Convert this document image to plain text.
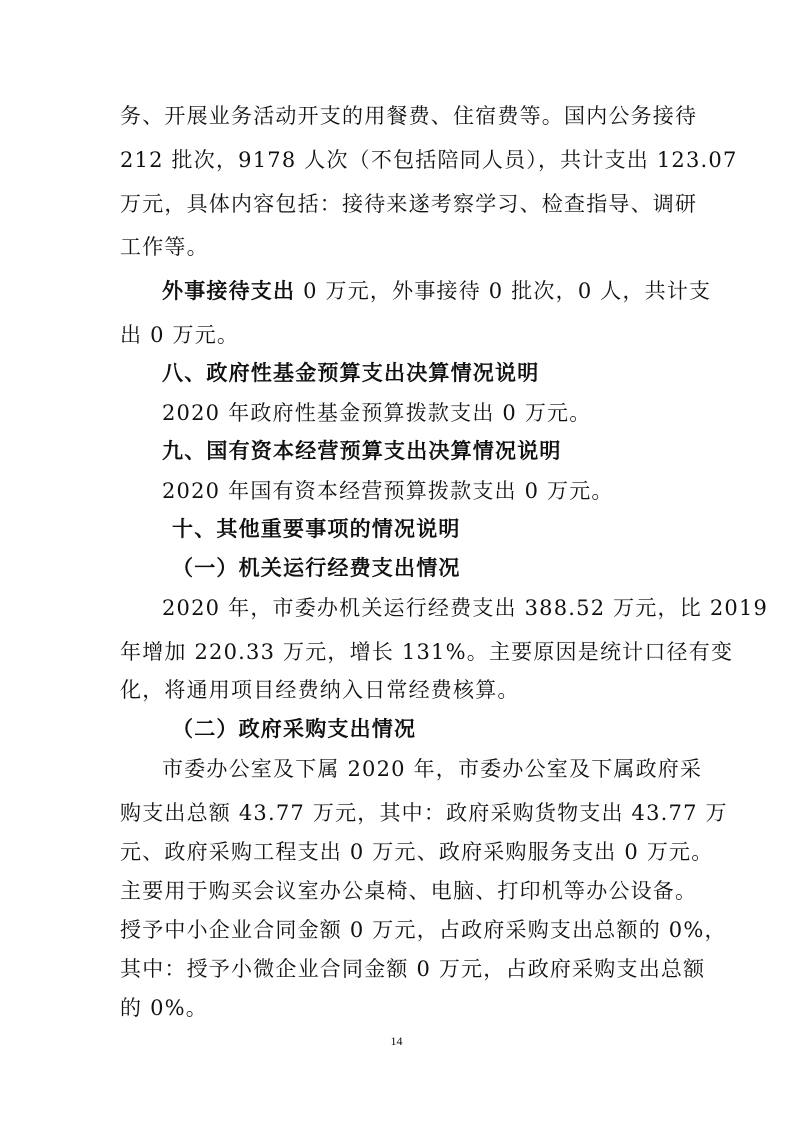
务、开展业务活动开支的用餐费、住宿费等。国内公务接待
212 批次，9178 人次（不包括陪同人员），共计支出 123.07
万元，具体内容包括：接待来遂考察学习、检查指导、调研
工作等。
外事接待支出 0 万元，外事接待 0 批次，0 人，共计支
出 0 万元。
八、政府性基金预算支出决算情况说明
2020 年政府性基金预算拨款支出 0 万元。
九、国有资本经营预算支出决算情况说明
2020 年国有资本经营预算拨款支出 0 万元。
十、其他重要事项的情况说明
（一）机关运行经费支出情况
2020 年，市委办机关运行经费支出 388.52 万元，比 2019
年增加 220.33 万元，增长 131%。主要原因是统计口径有变
化，将通用项目经费纳入日常经费核算。
（二）政府采购支出情况
市委办公室及下属 2020 年，市委办公室及下属政府采
购支出总额 43.77 万元，其中：政府采购货物支出 43.77 万
元、政府采购工程支出 0 万元、政府采购服务支出 0 万元。
主要用于购买会议室办公桌椅、电脑、打印机等办公设备。
授予中小企业合同金额 0 万元，占政府采购支出总额的 0%，
其中：授予小微企业合同金额 0 万元，占政府采购支出总额
的 0%。
14
